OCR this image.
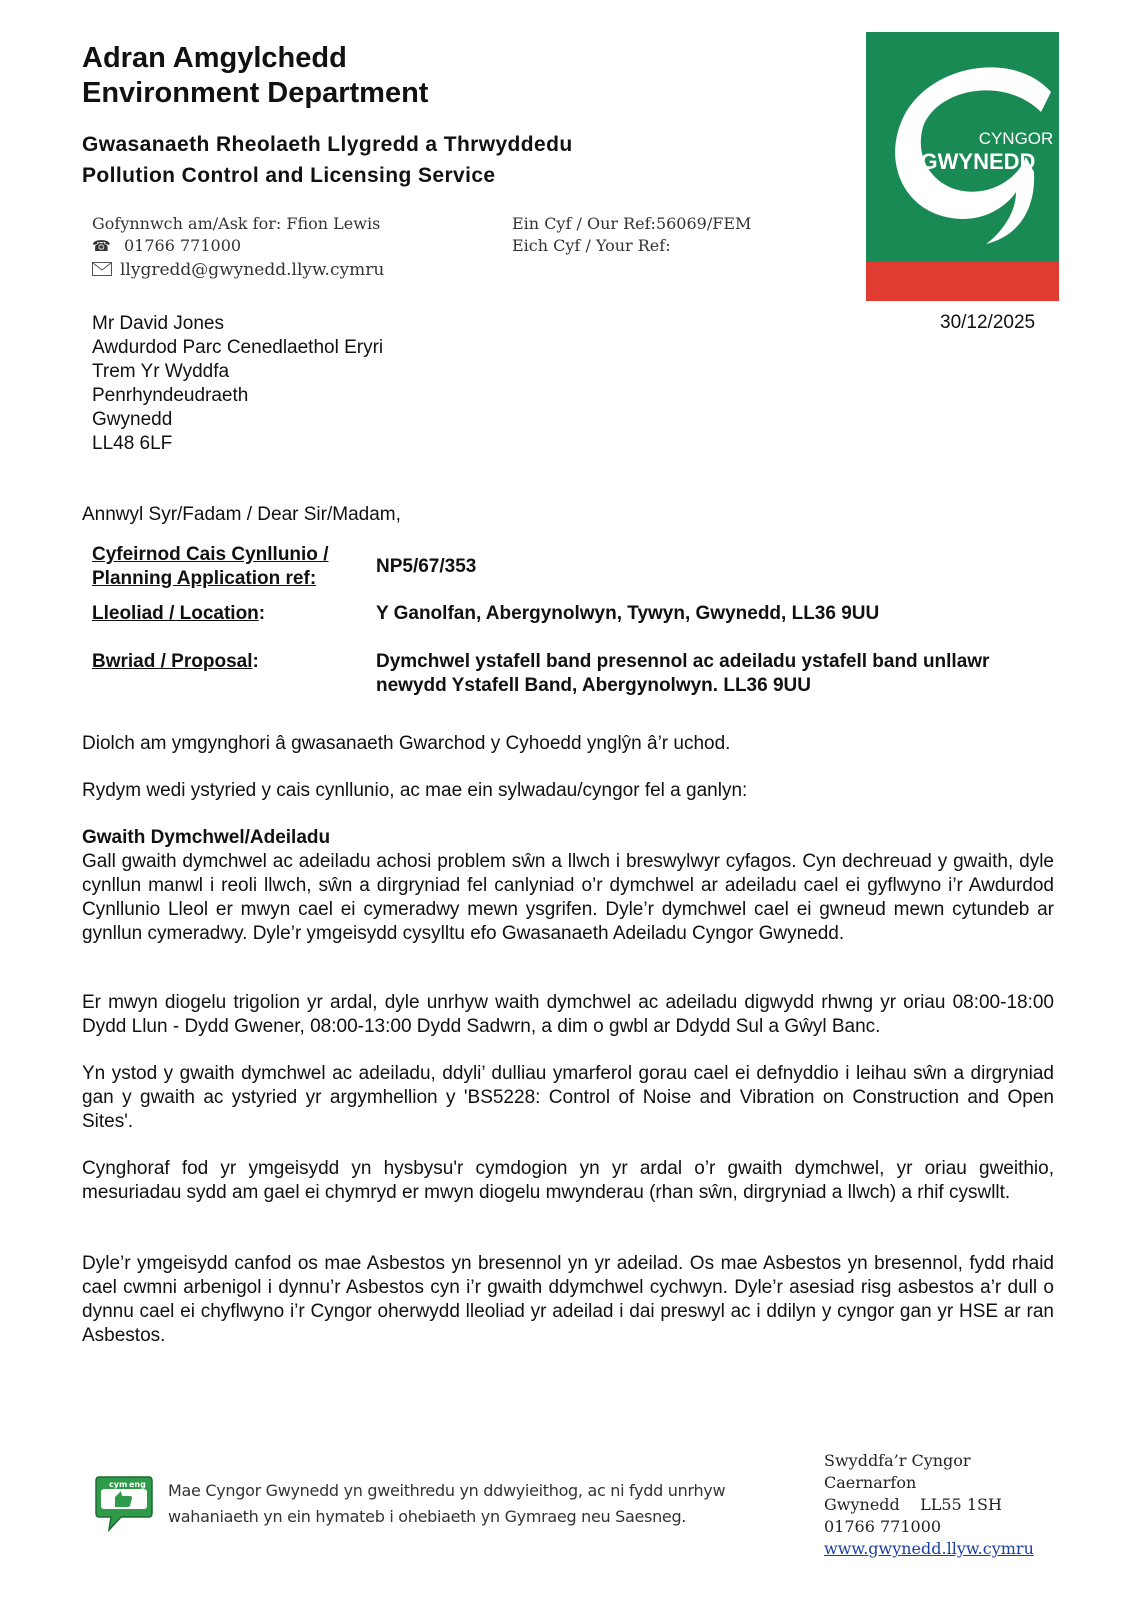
Adran Amgylchedd
Environment Department
Gwasanaeth Rheolaeth Llygredd a Thrwyddedu
Pollution Control and Licensing Service
Gofynnwch am/Ask for: Ffion Lewis
☎ 01766 771000
llygredd@gwynedd.llyw.cymru
Ein Cyf / Our Ref:56069/FEM
Eich Cyf / Your Ref:
CYNGOR
GWYNEDD
30/12/2025
Mr David Jones
Awdurdod Parc Cenedlaethol Eryri
Trem Yr Wyddfa
Penrhyndeudraeth
Gwynedd
LL48 6LF
Annwyl Syr/Fadam / Dear Sir/Madam,
Cyfeirnod Cais Cynllunio /
Planning Application ref:
NP5/67/353
Lleoliad / Location:	Y Ganolfan, Abergynolwyn, Tywyn, Gwynedd, LL36 9UU
Bwriad / Proposal:	Dymchwel ystafell band presennol ac adeiladu ystafell band unllawr
newydd Ystafell Band, Abergynolwyn. LL36 9UU
Diolch am ymgynghori â gwasanaeth Gwarchod y Cyhoedd ynglŷn â’r uchod.
Rydym wedi ystyried y cais cynllunio, ac mae ein sylwadau/cyngor fel a ganlyn:
Gwaith Dymchwel/Adeiladu
Gall gwaith dymchwel ac adeiladu achosi problem sŵn a llwch i breswylwyr cyfagos. Cyn dechreuad y gwaith, dyle cynllun manwl i reoli llwch, sŵn a dirgryniad fel canlyniad o’r dymchwel ar adeiladu cael ei gyflwyno i’r Awdurdod Cynllunio Lleol er mwyn cael ei cymeradwy mewn ysgrifen. Dyle’r dymchwel cael ei gwneud mewn cytundeb ar gynllun cymeradwy. Dyle’r ymgeisydd cysylltu efo Gwasanaeth Adeiladu Cyngor Gwynedd.
Er mwyn diogelu trigolion yr ardal, dyle unrhyw waith dymchwel ac adeiladu digwydd rhwng yr oriau 08:00-18:00 Dydd Llun - Dydd Gwener, 08:00-13:00 Dydd Sadwrn, a dim o gwbl ar Ddydd Sul a Gŵyl Banc.
Yn ystod y gwaith dymchwel ac adeiladu, ddyli’ dulliau ymarferol gorau cael ei defnyddio i leihau sŵn a dirgryniad gan y gwaith ac ystyried yr argymhellion y 'BS5228: Control of Noise and Vibration on Construction and Open Sites'.
Cynghoraf fod yr ymgeisydd yn hysbysu'r cymdogion yn yr ardal o’r gwaith dymchwel, yr oriau gweithio, mesuriadau sydd am gael ei chymryd er mwyn diogelu mwynderau (rhan sŵn, dirgryniad a llwch) a rhif cyswllt.
Dyle’r ymgeisydd canfod os mae Asbestos yn bresennol yn yr adeilad. Os mae Asbestos yn bresennol, fydd rhaid cael cwmni arbenigol i dynnu’r Asbestos cyn i’r gwaith ddymchwel cychwyn. Dyle’r asesiad risg asbestos a’r dull o dynnu cael ei chyflwyno i’r Cyngor oherwydd lleoliad yr adeilad i dai preswyl ac i ddilyn y cyngor gan yr HSE ar ran Asbestos.
cym eng Mae Cyngor Gwynedd yn gweithredu yn ddwyieithog, ac ni fydd unrhyw
wahaniaeth yn ein hymateb i ohebiaeth yn Gymraeg neu Saesneg.
Swyddfa’r Cyngor
Caernarfon
Gwynedd    LL55 1SH
01766 771000
www.gwynedd.llyw.cymru
